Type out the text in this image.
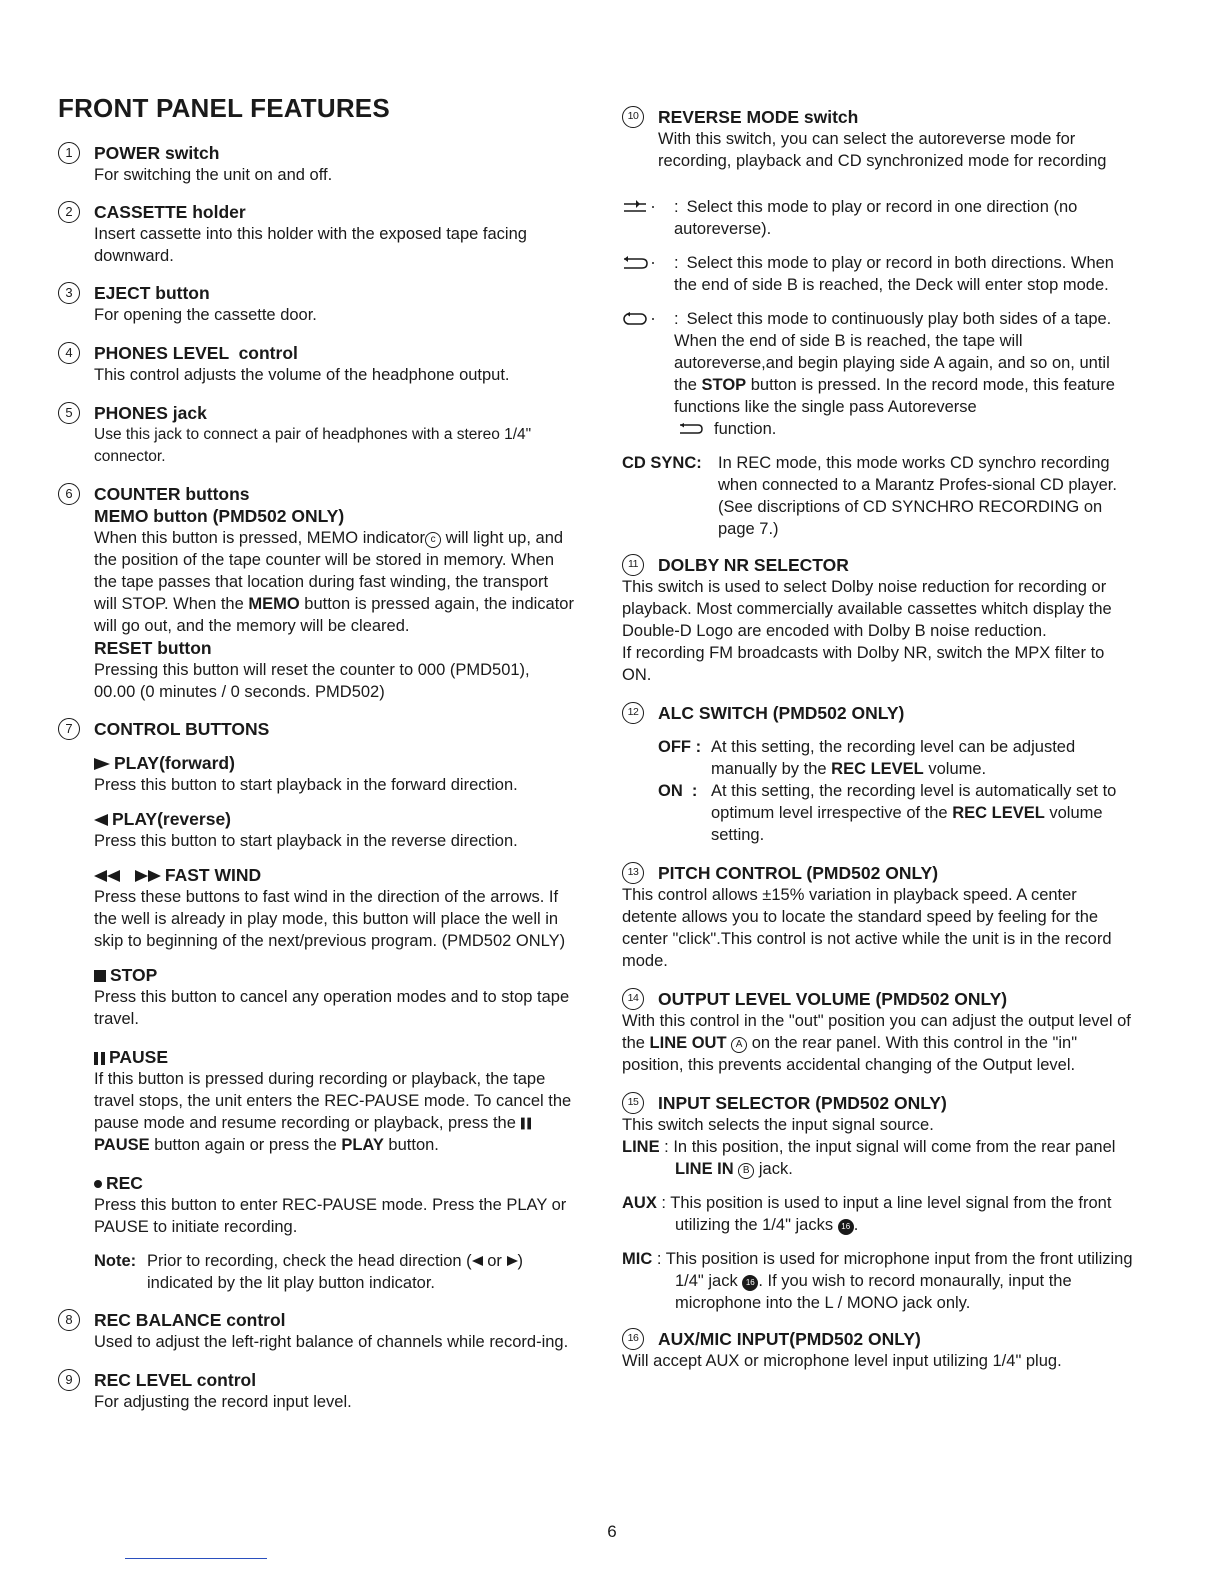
FRONT PANEL FEATURES
1	POWER switch
For switching the unit on and off.
2	CASSETTE holder
Insert cassette into this holder with the exposed tape facing downward.
3	EJECT button
For opening the cassette door.
4	PHONES LEVEL  control
This control adjusts the volume of the headphone output.
5	PHONES jack
Use this jack to connect a pair of headphones with a stereo 1/4" connector.
6	COUNTER buttons
MEMO button (PMD502 ONLY)
When this button is pressed, MEMO indicator c will light up, and the position of the tape counter will be stored in memory. When the tape passes that location during fast winding, the transport will STOP. When the MEMO button is pressed again, the indicator will go out, and the memory will be cleared.
RESET button
Pressing this button will reset the counter to 000 (PMD501), 00.00 (0 minutes / 0 seconds. PMD502)
7	CONTROL BUTTONS
PLAY(forward)
Press this button to start playback in the forward direction.
PLAY(reverse)
Press this button to start playback in the reverse direction.
FAST WIND
Press these buttons to fast wind in the direction of the arrows. If the well is already in play mode, this button will place the well in skip to beginning of the next/previous program. (PMD502 ONLY)
STOP
Press this button to cancel any operation modes and to stop tape travel.
PAUSE
If this button is pressed during recording or playback, the tape travel stops, the unit enters the REC-PAUSE mode. To cancel the pause mode and resume recording or playback, press the PAUSE button again or press the PLAY button.
REC
Press this button to enter REC-PAUSE mode. Press the PLAY or PAUSE to initiate recording.
Note: Prior to recording, check the head direction ( or ) indicated by the lit play button indicator.
8	REC BALANCE control
Used to adjust the left-right balance of channels while record-ing.
9	REC LEVEL control
For adjusting the record input level.
10	REVERSE MODE switch
With this switch, you can select the autoreverse mode for recording, playback and CD synchronized mode for recording
: Select this mode to play or record in one direction (no autoreverse).
: Select this mode to play or record in both directions. When the end of side B is reached, the Deck will enter stop mode.
: Select this mode to continuously play both sides of a tape. When the end of side B is reached, the tape will autoreverse,and begin playing side A again, and so on, until the STOP button is pressed. In the record mode, this feature functions like the single pass Autoreverse
function.
CD SYNC: In REC mode, this mode works CD synchro recording when connected to a Marantz Profes-sional CD player.
(See discriptions of CD SYNCHRO RECORDING on page 7.)
11	DOLBY NR SELECTOR
This switch is used to select Dolby noise reduction for recording or playback. Most commercially available cassettes whitch display the Double-D Logo are encoded with Dolby B noise reduction.
If recording FM broadcasts with Dolby NR, switch the MPX filter to ON.
12	ALC SWITCH (PMD502 ONLY)
OFF : At this setting, the recording level can be adjusted manually by the REC LEVEL volume.
ON  : At this setting, the recording level is automatically set to optimum level irrespective of the REC LEVEL volume setting.
13	PITCH CONTROL (PMD502 ONLY)
This control allows ±15% variation in playback speed. A center detente allows you to locate the standard speed by feeling for the center "click".This control is not active while the unit is in the record mode.
14	OUTPUT LEVEL VOLUME (PMD502 ONLY)
With this control in the "out" position you can adjust the output level of the LINE OUT A on the rear panel. With this control in the "in" position, this prevents accidental changing of the Output level.
15	INPUT SELECTOR (PMD502 ONLY)
This switch selects the input signal source.
LINE : In this position, the input signal will come from the rear panel LINE IN B jack.
AUX : This position is used to input a line level signal from the front utilizing the 1/4" jacks 16 .
MIC : This position is used for microphone input from the front utilizing 1/4" jack 16 . If you wish to record monaurally, input the microphone into the L / MONO jack only.
16	AUX/MIC INPUT(PMD502 ONLY)
Will accept AUX or microphone level input utilizing 1/4" plug.
6
